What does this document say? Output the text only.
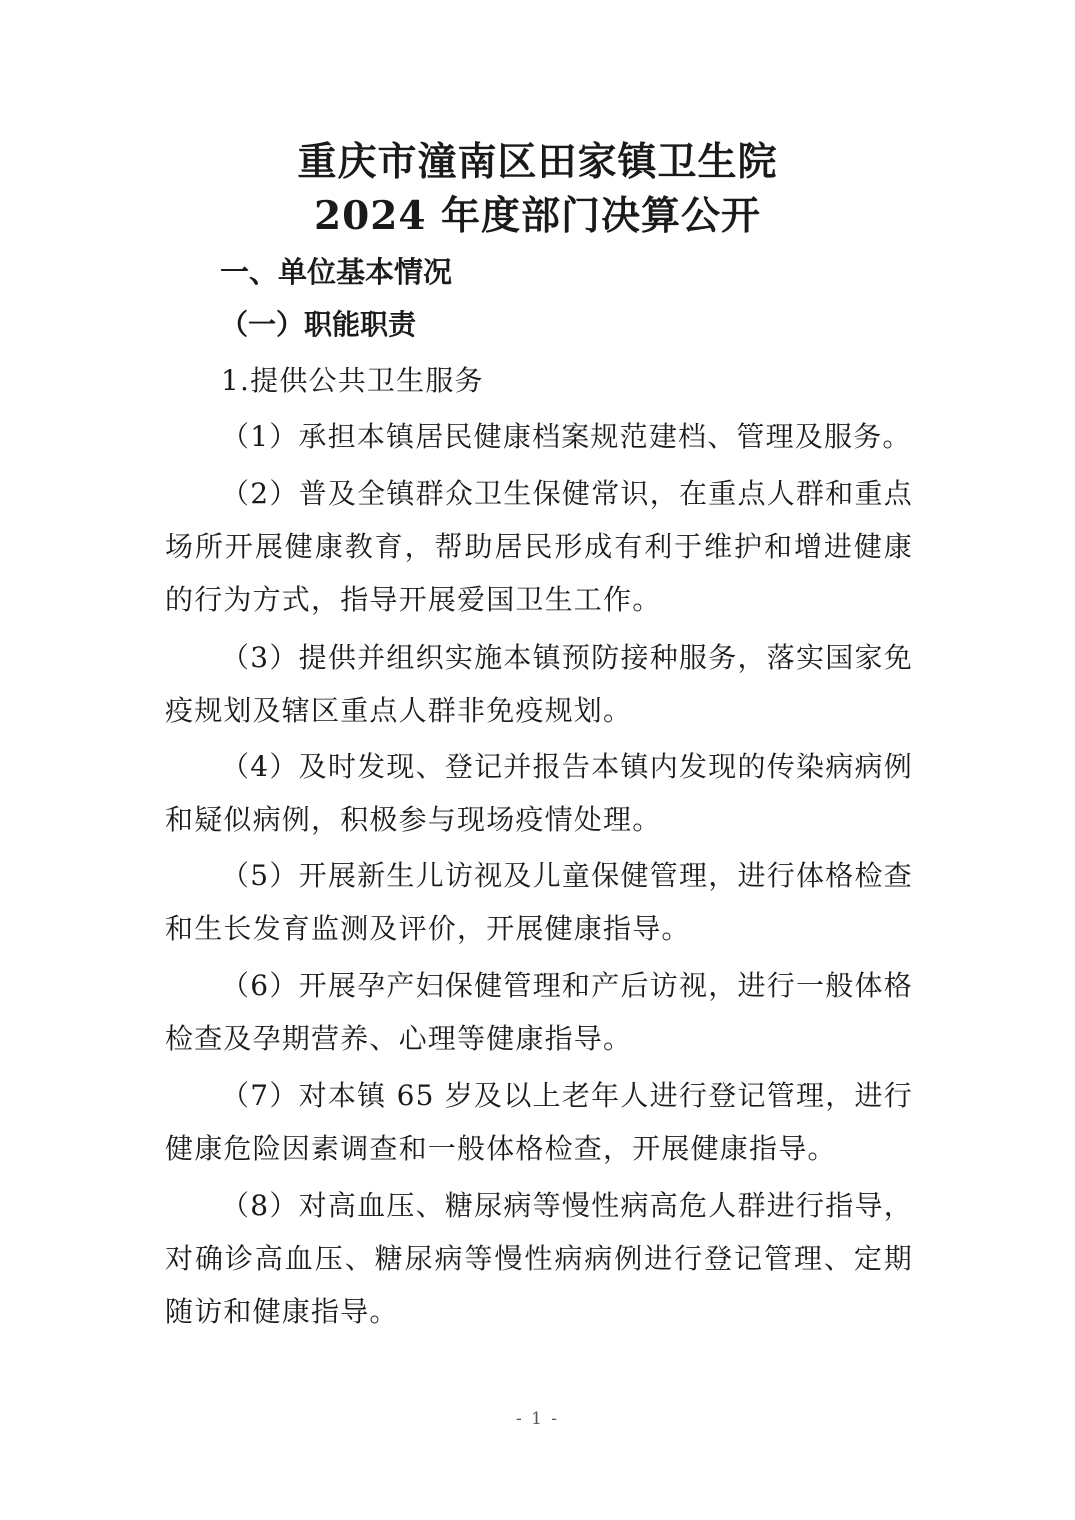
重庆市潼南区田家镇卫生院
2024 年度部门决算公开
一、单位基本情况
（一）职能职责

1.提供公共卫生服务

（1）承担本镇居民健康档案规范建档、管理及服务。

（2）普及全镇群众卫生保健常识，在重点人群和重点场所开展健康教育，帮助居民形成有利于维护和增进健康的行为方式，指导开展爱国卫生工作。

（3）提供并组织实施本镇预防接种服务，落实国家免疫规划及辖区重点人群非免疫规划。

（4）及时发现、登记并报告本镇内发现的传染病病例和疑似病例，积极参与现场疫情处理。

（5）开展新生儿访视及儿童保健管理，进行体格检查和生长发育监测及评价，开展健康指导。

（6）开展孕产妇保健管理和产后访视，进行一般体格检查及孕期营养、心理等健康指导。

（7）对本镇 65 岁及以上老年人进行登记管理，进行健康危险因素调查和一般体格检查，开展健康指导。

（8）对高血压、糖尿病等慢性病高危人群进行指导，对确诊高血压、糖尿病等慢性病病例进行登记管理、定期随访和健康指导。

- 1 -
